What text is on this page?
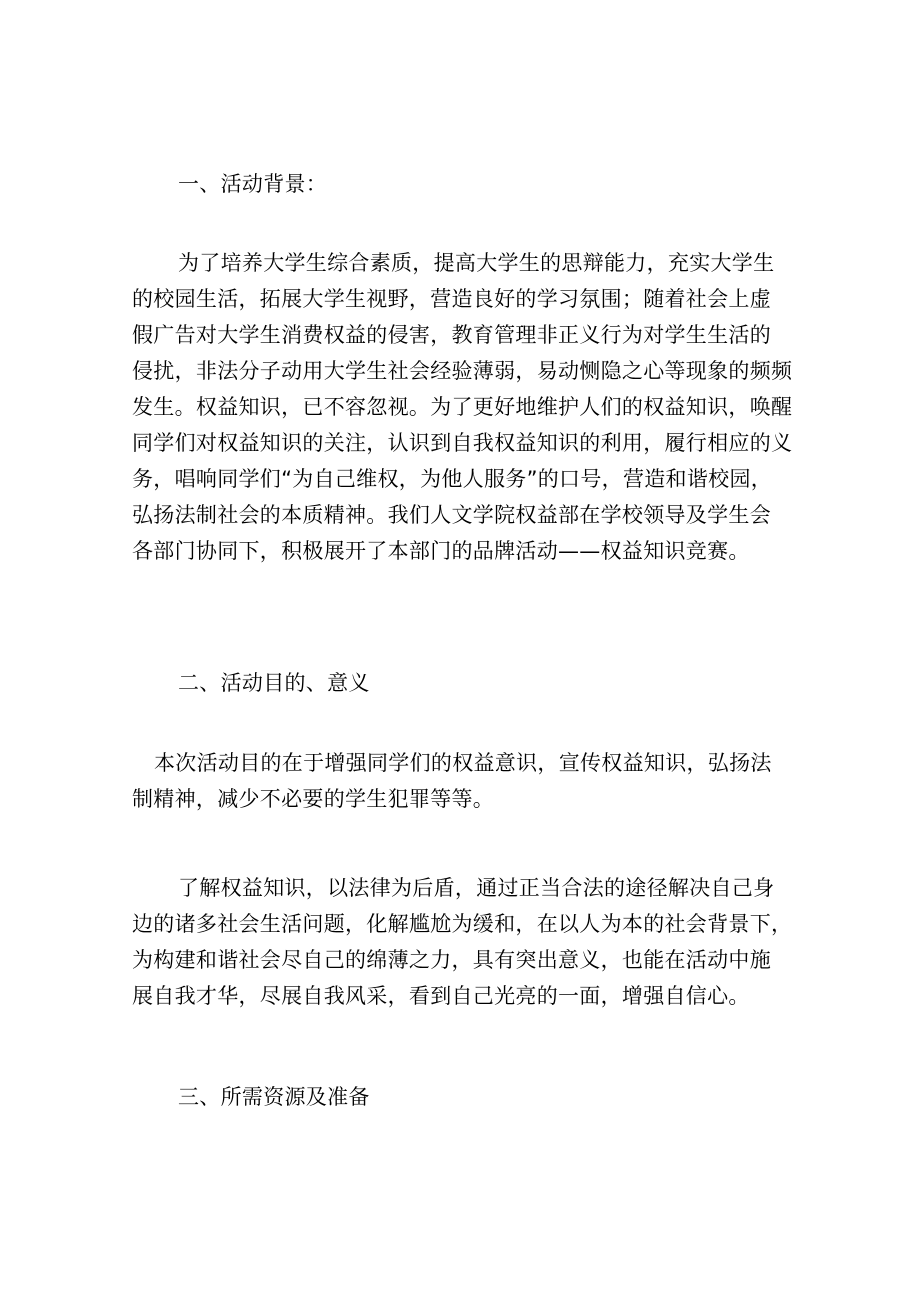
一、活动背景：
为了培养大学生综合素质，提高大学生的思辩能力，充实大学生
的校园生活，拓展大学生视野，营造良好的学习氛围；随着社会上虚
假广告对大学生消费权益的侵害，教育管理非正义行为对学生生活的
侵扰，非法分子动用大学生社会经验薄弱，易动恻隐之心等现象的频频
发生。权益知识，已不容忽视。为了更好地维护人们的权益知识，唤醒
同学们对权益知识的关注，认识到自我权益知识的利用，履行相应的义
务，唱响同学们“为自己维权，为他人服务”的口号，营造和谐校园，
弘扬法制社会的本质精神。我们人文学院权益部在学校领导及学生会
各部门协同下，积极展开了本部门的品牌活动——权益知识竞赛。
二、活动目的、意义
本次活动目的在于增强同学们的权益意识，宣传权益知识，弘扬法
制精神，减少不必要的学生犯罪等等。
了解权益知识，以法律为后盾，通过正当合法的途径解决自己身
边的诸多社会生活问题，化解尴尬为缓和，在以人为本的社会背景下，
为构建和谐社会尽自己的绵薄之力，具有突出意义，也能在活动中施
展自我才华，尽展自我风采，看到自己光亮的一面，增强自信心。
三、所需资源及准备
